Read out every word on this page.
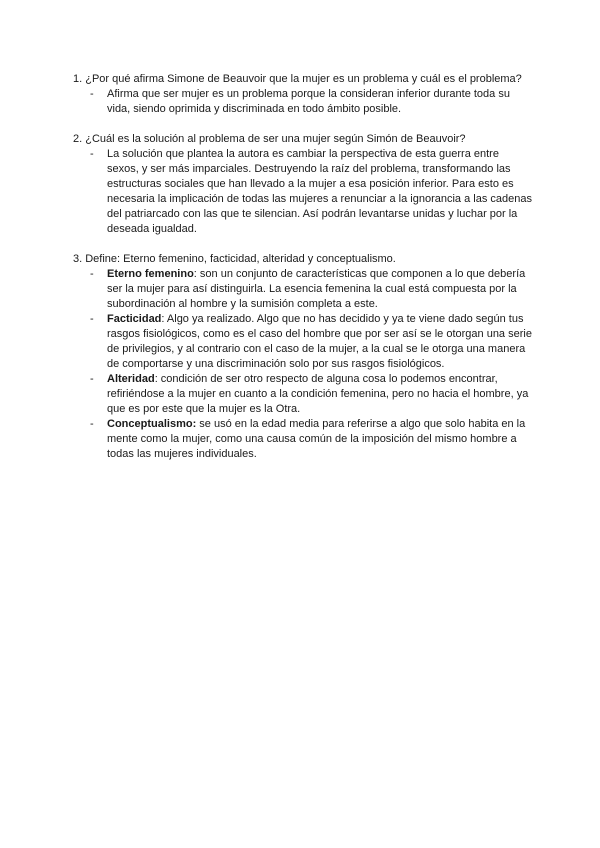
1. ¿Por qué afirma Simone de Beauvoir que la mujer es un problema y cuál es el problema?

- Afirma que ser mujer es un problema porque la consideran inferior durante toda su vida, siendo oprimida y discriminada en todo ámbito posible.

2. ¿Cuál es la solución al problema de ser una mujer según Simón de Beauvoir?

- La solución que plantea la autora es cambiar la perspectiva de esta guerra entre sexos, y ser más imparciales. Destruyendo la raíz del problema, transformando las estructuras sociales que han llevado a la mujer a esa posición inferior. Para esto es necesaria la implicación de todas las mujeres a renunciar a la ignorancia a las cadenas del patriarcado con las que te silencian. Así podrán levantarse unidas y luchar por la deseada igualdad.

3. Define: Eterno femenino, facticidad, alteridad y conceptualismo.

- Eterno femenino: son un conjunto de características que componen a lo que debería ser la mujer para así distinguirla. La esencia femenina la cual está compuesta por la subordinación al hombre y la sumisión completa a este.
- Facticidad: Algo ya realizado. Algo que no has decidido y ya te viene dado según tus rasgos fisiológicos, como es el caso del hombre que por ser así se le otorgan una serie de privilegios, y al contrario con el caso de la mujer, a la cual se le otorga una manera de comportarse y una discriminación solo por sus rasgos fisiológicos.
- Alteridad: condición de ser otro respecto de alguna cosa lo podemos encontrar, refiriéndose a la mujer en cuanto a la condición femenina, pero no hacia el hombre, ya que es por este que la mujer es la Otra.
- Conceptualismo: se usó en la edad media para referirse a algo que solo habita en la mente como la mujer, como una causa común de la imposición del mismo hombre a todas las mujeres individuales.
